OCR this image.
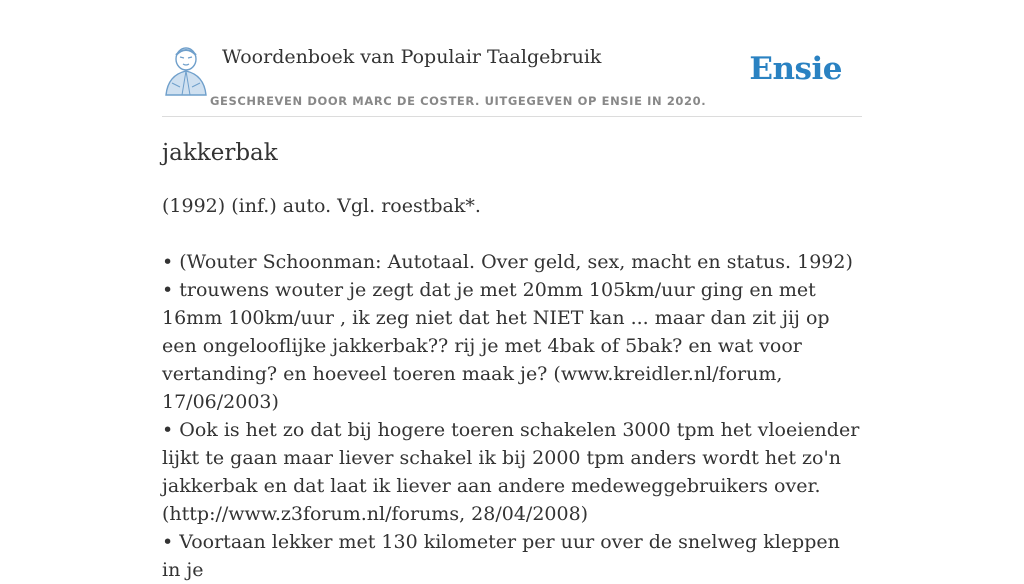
Woordenboek van Populair Taalgebruik
GESCHREVEN DOOR MARC DE COSTER. UITGEGEVEN OP ENSIE IN 2020.
Ensie
jakkerbak

(1992) (inf.) auto. Vgl. roestbak*.

• (Wouter Schoonman: Autotaal. Over geld, sex, macht en status. 1992)

• trouwens wouter je zegt dat je met 20mm 105km/uur ging en met 16mm 100km/uur , ik zeg niet dat het NIET kan ... maar dan zit jij op een ongelooflijke jakkerbak?? rij je met 4bak of 5bak? en wat voor vertanding? en hoeveel toeren maak je? (www.kreidler.nl/forum, 17/06/2003)

• Ook is het zo dat bij hogere toeren schakelen 3000 tpm het vloeiender lijkt te gaan maar liever schakel ik bij 2000 tpm anders wordt het zo'n jakkerbak en dat laat ik liever aan andere medeweggebruikers over. (http://www.z3forum.nl/forums, 28/04/2008)

• Voortaan lekker met 130 kilometer per uur over de snelweg kleppen in je
